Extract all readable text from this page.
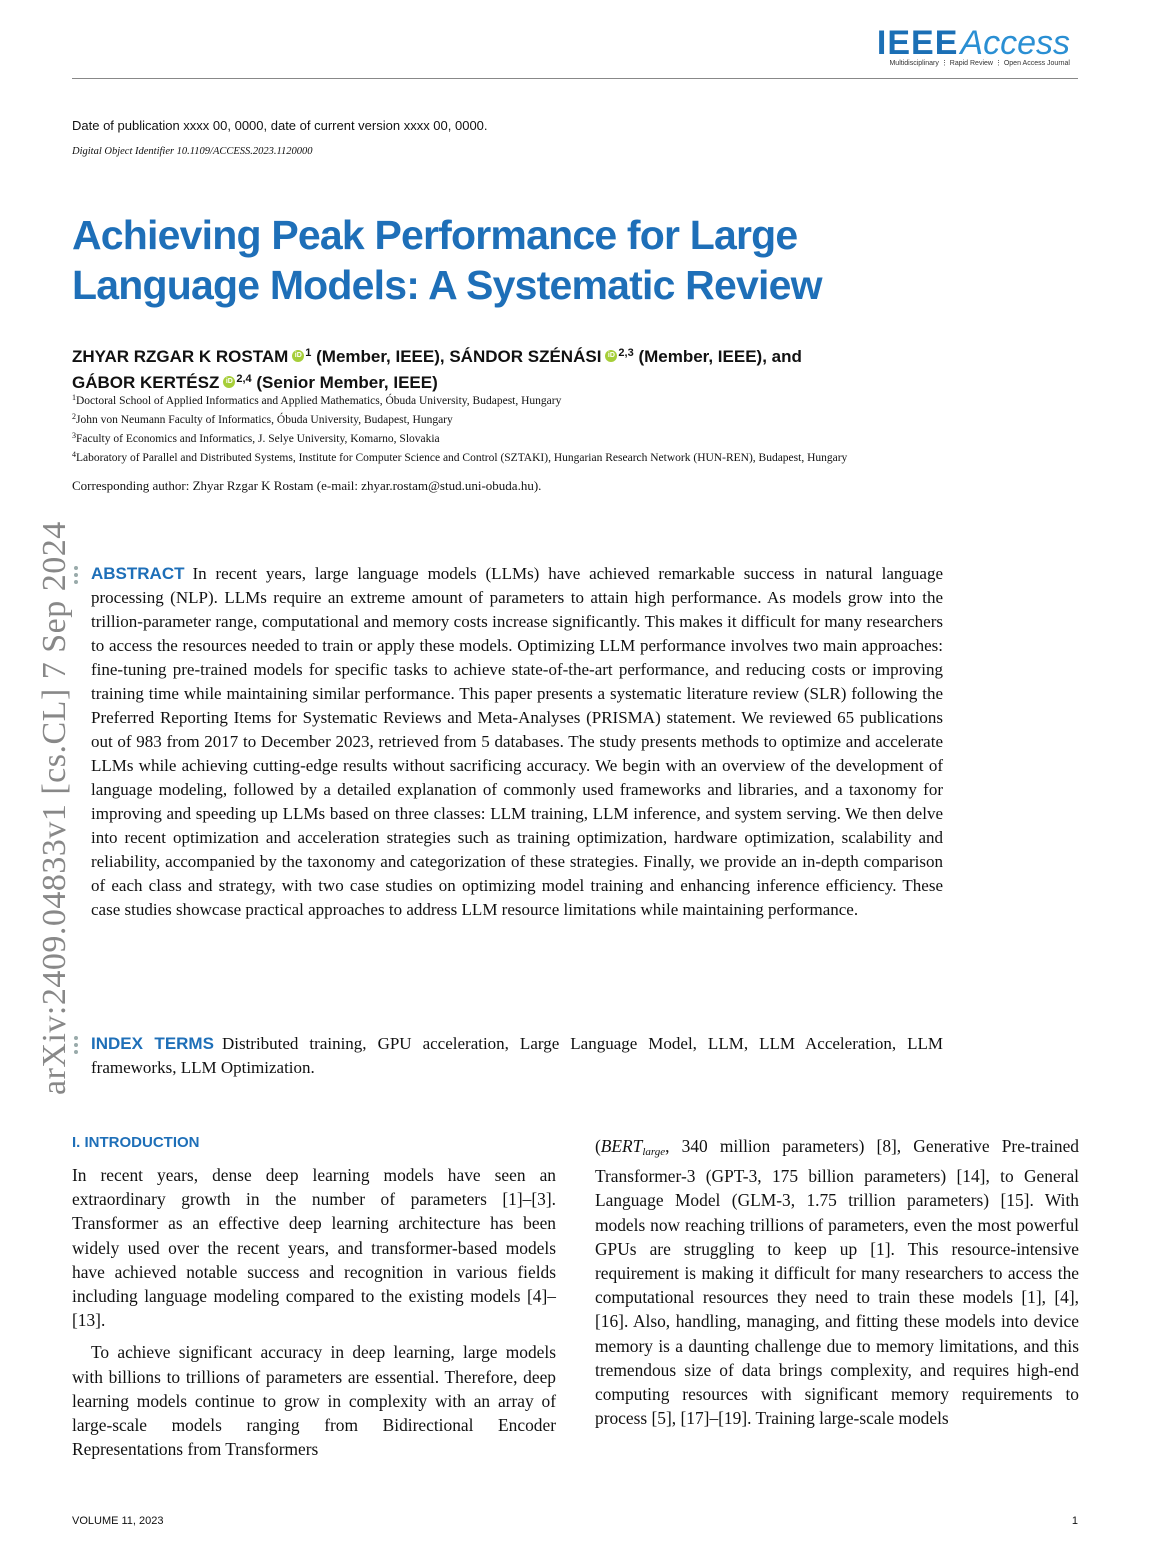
IEEEAccess
Multidisciplinary ⋮ Rapid Review ⋮ Open Access Journal
Date of publication xxxx 00, 0000, date of current version xxxx 00, 0000.
Digital Object Identifier 10.1109/ACCESS.2023.1120000
Achieving Peak Performance for Large Language Models: A Systematic Review
ZHYAR RZGAR K ROSTAM iD $^1$ (Member, IEEE), SÁNDOR SZÉNÁSI iD $^{2,3}$ (Member, IEEE), and
GÁBOR KERTÉSZ iD $^{2,4}$ (Senior Member, IEEE)
$^1$Doctoral School of Applied Informatics and Applied Mathematics, Óbuda University, Budapest, Hungary
$^2$John von Neumann Faculty of Informatics, Óbuda University, Budapest, Hungary
$^3$Faculty of Economics and Informatics, J. Selye University, Komarno, Slovakia
$^4$Laboratory of Parallel and Distributed Systems, Institute for Computer Science and Control (SZTAKI), Hungarian Research Network (HUN-REN), Budapest, Hungary
Corresponding author: Zhyar Rzgar K Rostam (e-mail: zhyar.rostam@stud.uni-obuda.hu).
arXiv:2409.04833v1 [cs.CL] 7 Sep 2024 ABSTRACT In recent years, large language models (LLMs) have achieved remarkable success in natural language processing (NLP). LLMs require an extreme amount of parameters to attain high performance. As models grow into the trillion-parameter range, computational and memory costs increase significantly. This makes it difficult for many researchers to access the resources needed to train or apply these models. Optimizing LLM performance involves two main approaches: fine-tuning pre-trained models for specific tasks to achieve state-of-the-art performance, and reducing costs or improving training time while maintaining similar performance. This paper presents a systematic literature review (SLR) following the Preferred Reporting Items for Systematic Reviews and Meta-Analyses (PRISMA) statement. We reviewed 65 publications out of 983 from 2017 to December 2023, retrieved from 5 databases. The study presents methods to optimize and accelerate LLMs while achieving cutting-edge results without sacrificing accuracy. We begin with an overview of the development of language modeling, followed by a detailed explanation of commonly used frameworks and libraries, and a taxonomy for improving and speeding up LLMs based on three classes: LLM training, LLM inference, and system serving. We then delve into recent optimization and acceleration strategies such as training optimization, hardware optimization, scalability and reliability, accompanied by the taxonomy and categorization of these strategies. Finally, we provide an in-depth comparison of each class and strategy, with two case studies on optimizing model training and enhancing inference efficiency. These case studies showcase practical approaches to address LLM resource limitations while maintaining performance.
INDEX TERMS Distributed training, GPU acceleration, Large Language Model, LLM, LLM Acceleration, LLM frameworks, LLM Optimization.
I. INTRODUCTION

In recent years, dense deep learning models have seen an extraordinary growth in the number of parameters [1]–[3]. Transformer as an effective deep learning architecture has been widely used over the recent years, and transformer-based models have achieved notable success and recognition in various fields including language modeling compared to the existing models [4]–[13].

To achieve significant accuracy in deep learning, large models with billions to trillions of parameters are essential. Therefore, deep learning models continue to grow in complexity with an array of large-scale models ranging from Bidirectional Encoder Representations from Transformers

($BERT_{large}$, 340 million parameters) [8], Generative Pre-trained Transformer-3 (GPT-3, 175 billion parameters) [14], to General Language Model (GLM-3, 1.75 trillion parameters) [15]. With models now reaching trillions of parameters, even the most powerful GPUs are struggling to keep up [1]. This resource-intensive requirement is making it difficult for many researchers to access the computational resources they need to train these models [1], [4], [16]. Also, handling, managing, and fitting these models into device memory is a daunting challenge due to memory limitations, and this tremendous size of data brings complexity, and requires high-end computing resources with significant memory requirements to process [5], [17]–[19]. Training large-scale models

VOLUME 11, 2023	1
